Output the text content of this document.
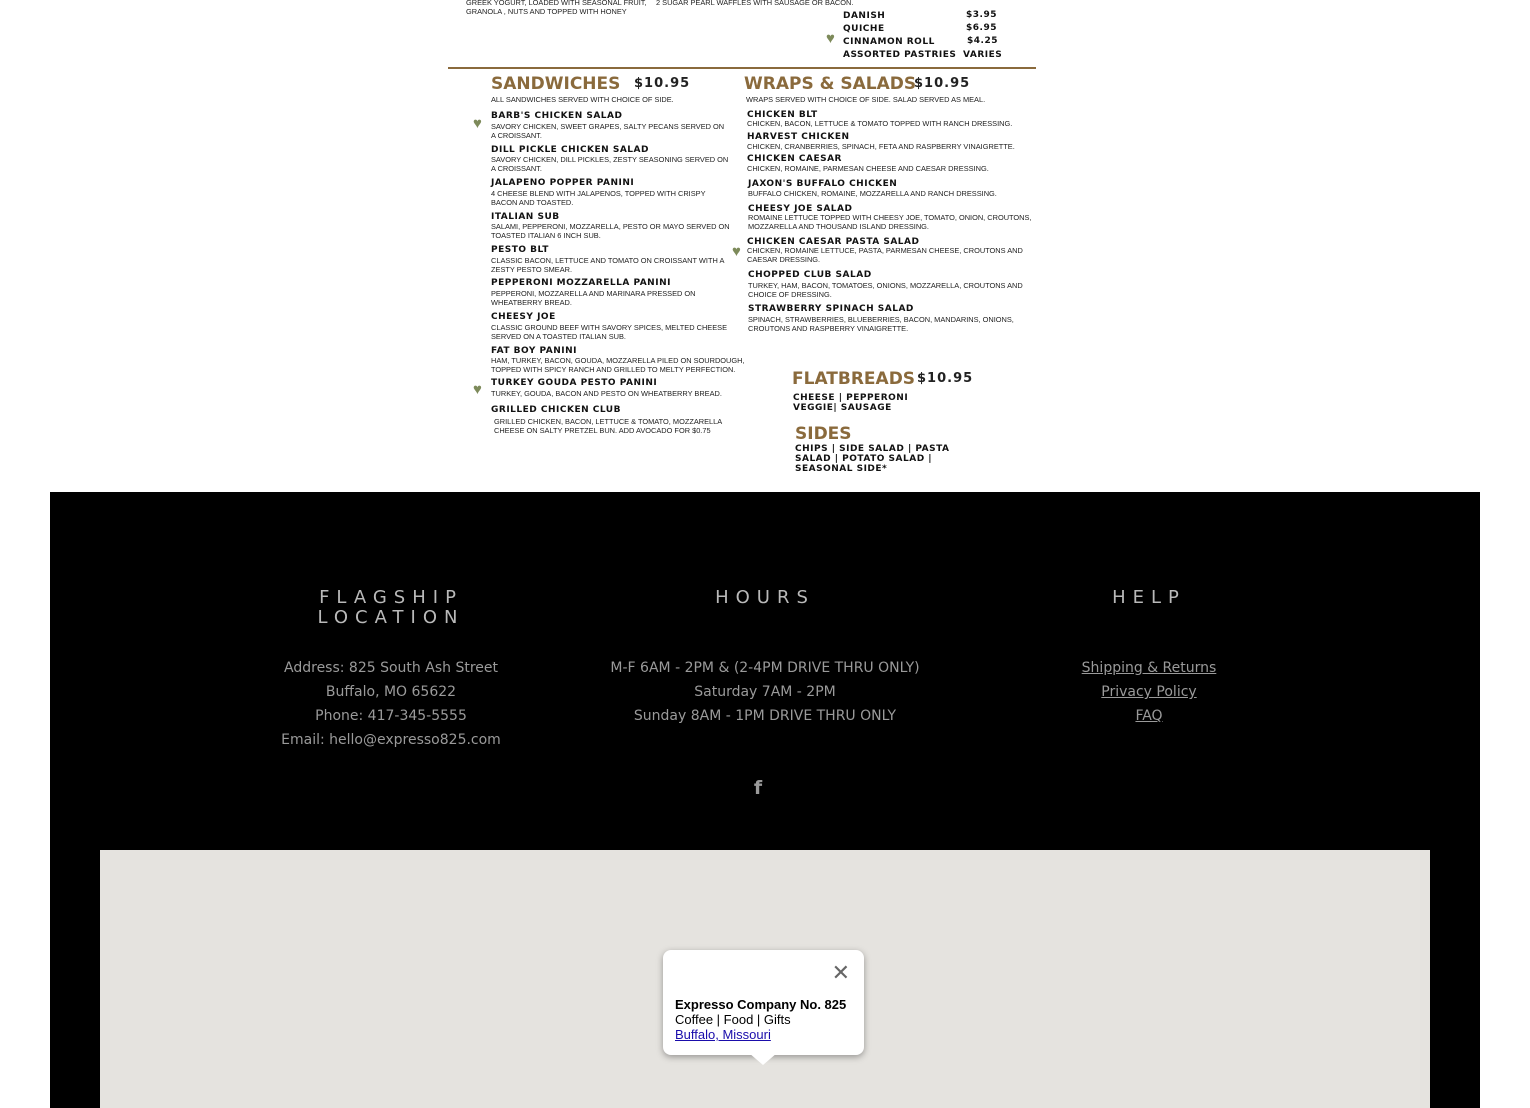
GREEK YOGURT, LOADED WITH SEASONAL FRUIT,

GRANOLA , NUTS AND TOPPED WITH HONEY

2 SUGAR PEARL WAFFLES WITH SAUSAGE OR BACON.

DANISH	$3.95

QUICHE	$6.95

♥ CINNAMON ROLL	$4.25

ASSORTED PASTRIES VARIES

SANDWICHES $10.95

ALL SANDWICHES SERVED WITH CHOICE OF SIDE.

♥ BARB'S CHICKEN SALAD

SAVORY CHICKEN, SWEET GRAPES, SALTY PECANS SERVED ON

A CROISSANT.

DILL PICKLE CHICKEN SALAD

SAVORY CHICKEN, DILL PICKLES, ZESTY SEASONING SERVED ON

A CROISSANT.

JALAPENO POPPER PANINI

4 CHEESE BLEND WITH JALAPENOS, TOPPED WITH CRISPY

BACON AND TOASTED.

ITALIAN SUB

SALAMI, PEPPERONI, MOZZARELLA, PESTO OR MAYO SERVED ON

TOASTED ITALIAN 6 INCH SUB.

PESTO BLT

CLASSIC BACON, LETTUCE AND TOMATO ON CROISSANT WITH A

ZESTY PESTO SMEAR.

PEPPERONI MOZZARELLA PANINI

PEPPERONI, MOZZARELLA AND MARINARA PRESSED ON

WHEATBERRY BREAD.

CHEESY JOE

CLASSIC GROUND BEEF WITH SAVORY SPICES, MELTED CHEESE

SERVED ON A TOASTED ITALIAN SUB.

FAT BOY PANINI

HAM, TURKEY, BACON, GOUDA, MOZZARELLA PILED ON SOURDOUGH,

TOPPED WITH SPICY RANCH AND GRILLED TO MELTY PERFECTION.

♥ TURKEY GOUDA PESTO PANINI

TURKEY, GOUDA, BACON AND PESTO ON WHEATBERRY BREAD.

GRILLED CHICKEN CLUB

GRILLED CHICKEN, BACON, LETTUCE & TOMATO, MOZZARELLA

CHEESE ON SALTY PRETZEL BUN. ADD AVOCADO FOR $0.75

WRAPS & SALADS

$10.95

WRAPS SERVED WITH CHOICE OF SIDE. SALAD SERVED AS MEAL.

CHICKEN BLT

CHICKEN, BACON, LETTUCE & TOMATO TOPPED WITH RANCH DRESSING.

HARVEST CHICKEN

CHICKEN, CRANBERRIES, SPINACH, FETA AND RASPBERRY VINAIGRETTE.

CHICKEN CAESAR

CHICKEN, ROMAINE, PARMESAN CHEESE AND CAESAR DRESSING.

JAXON'S BUFFALO CHICKEN

BUFFALO CHICKEN, ROMAINE, MOZZARELLA AND RANCH DRESSING.

CHEESY JOE SALAD

ROMAINE LETTUCE TOPPED WITH CHEESY JOE, TOMATO, ONION, CROUTONS,

MOZZARELLA AND THOUSAND ISLAND DRESSING.

♥

CHICKEN CAESAR PASTA SALAD

CHICKEN, ROMAINE LETTUCE, PASTA, PARMESAN CHEESE, CROUTONS AND

CAESAR DRESSING.

CHOPPED CLUB SALAD

TURKEY, HAM, BACON, TOMATOES, ONIONS, MOZZARELLA, CROUTONS AND

CHOICE OF DRESSING.

STRAWBERRY SPINACH SALAD

SPINACH, STRAWBERRIES, BLUEBERRIES, BACON, MANDARINS, ONIONS,

CROUTONS AND RASPBERRY VINAIGRETTE.

FLATBREADS $10.95

CHEESE | PEPPERONI

VEGGIE| SAUSAGE

SIDES

CHIPS | SIDE SALAD | PASTA

SALAD | POTATO SALAD |

SEASONAL SIDE*

FLAGSHIP

LOCATION

Address: 825 South Ash Street
Buffalo, MO 65622
Phone: 417-345-5555
Email: hello@expresso825.com

HOURS

M-F 6AM - 2PM & (2-4PM DRIVE THRU ONLY)
Saturday 7AM - 2PM
Sunday 8AM - 1PM DRIVE THRU ONLY

HELP

Shipping & Returns
Privacy Policy
FAQ
f
✕
Expresso Company No. 825
Coffee | Food | Gifts
Buffalo, Missouri
